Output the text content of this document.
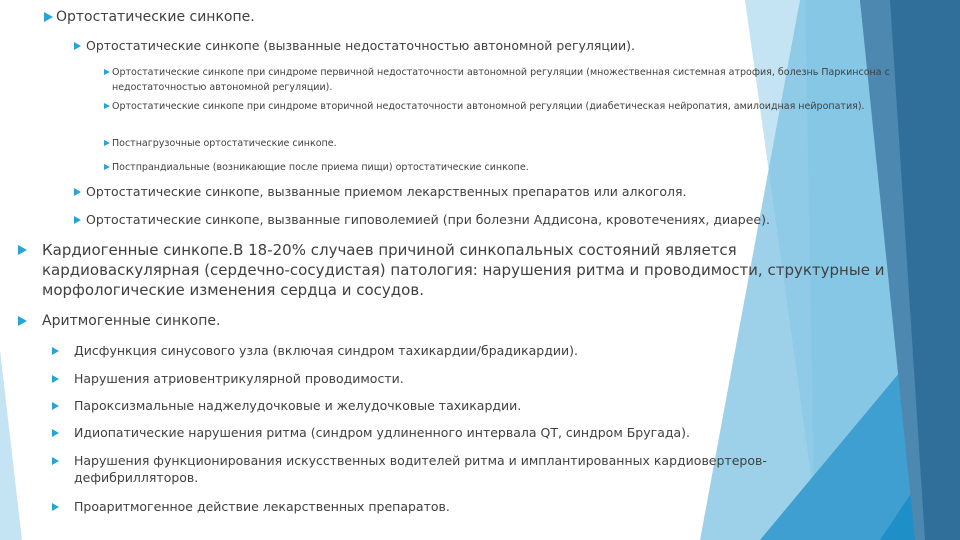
Ортостатические синкопе.
Ортостатические синкопе (вызванные недостаточностью автономной регуляции).
Ортостатические синкопе при синдроме первичной недостаточности автономной регуляции (множественная системная атрофия, болезнь Паркинсона с недостаточностью автономной регуляции).
Ортостатические синкопе при синдроме вторичной недостаточности автономной регуляции (диабетическая нейропатия, амилоидная нейропатия).
Постнагрузочные ортостатические синкопе.
Постпрандиальные (возникающие после приема пищи) ортостатические синкопе.
Ортостатические синкопе, вызванные приемом лекарственных препаратов или алкоголя.
Ортостатические синкопе, вызванные гиповолемией (при болезни Аддисона, кровотечениях, диарее).
Кардиогенные синкопе.В 18-20% случаев причиной синкопальных состояний является кардиоваскулярная (сердечно-сосудистая) патология: нарушения ритма и проводимости, структурные и морфологические изменения сердца и сосудов.
Аритмогенные синкопе.
Дисфункция синусового узла (включая синдром тахикардии/брадикардии).
Нарушения атриовентрикулярной проводимости.
Пароксизмальные наджелудочковые и желудочковые тахикардии.
Идиопатические нарушения ритма (синдром удлиненного интервала QT, синдром Бругада).
Нарушения функционирования искусственных водителей ритма и имплантированных кардиовертеров-дефибрилляторов.
Проаритмогенное действие лекарственных препаратов.
